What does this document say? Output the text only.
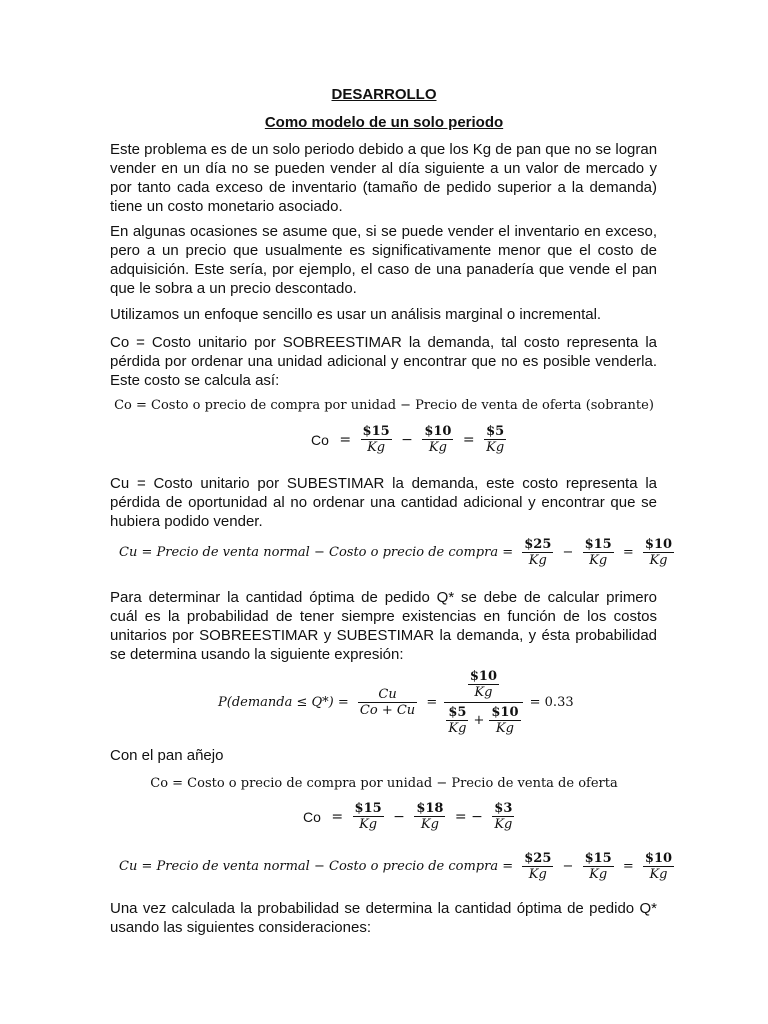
DESARROLLO
Como modelo de un solo periodo
Este problema es de un solo periodo debido a que los Kg de pan que no se logran
vender en un día no se pueden vender al día siguiente a un valor de mercado y
por tanto cada exceso de inventario (tamaño de pedido superior a la demanda)
tiene un costo monetario asociado.
En algunas ocasiones se asume que, si se puede vender el inventario en exceso,
pero a un precio que usualmente es significativamente menor que el costo de
adquisición. Este sería, por ejemplo, el caso de una panadería que vende el pan
que le sobra a un precio descontado.
Utilizamos un enfoque sencillo es usar un análisis marginal o incremental.
Co = Costo unitario por SOBREESTIMAR la demanda, tal costo representa la
pérdida por ordenar una unidad adicional y encontrar que no es posible venderla.
Este costo se calcula así:
Co = Costo o precio de compra por unidad − Precio de venta de oferta (sobrante)
$Co = \frac{\$15}{Kg} - \frac{\$10}{Kg} = \frac{\$5}{Kg}$
Cu = Costo unitario por SUBESTIMAR la demanda, este costo representa la
pérdida de oportunidad al no ordenar una cantidad adicional y encontrar que se
hubiera podido vender.
Cu = Precio de venta normal − Costo o precio de compra = $\frac{\$25}{Kg} - \frac{\$15}{Kg} = \frac{\$10}{Kg}$
Para determinar la cantidad óptima de pedido Q* se debe de calcular primero
cuál es la probabilidad de tener siempre existencias en función de los costos
unitarios por SOBREESTIMAR y SUBESTIMAR la demanda, y ésta probabilidad
se determina usando la siguiente expresión:
P(demanda ≤ $Q*) = \frac{Cu}{Co + Cu} = \frac{\frac{\$10}{Kg}}{\frac{\$5}{Kg} + \frac{\$10}{Kg}} = 0.33$
Con el pan añejo
Co = Costo o precio de compra por unidad − Precio de venta de oferta
$Co = \frac{\$15}{Kg} - \frac{\$18}{Kg}$ = − $\frac{\$3}{Kg}$
Cu = Precio de venta normal − Costo o precio de compra = $\frac{\$25}{Kg} - \frac{\$15}{Kg} = \frac{\$10}{Kg}$
Una vez calculada la probabilidad se determina la cantidad óptima de pedido Q*
usando las siguientes consideraciones:
